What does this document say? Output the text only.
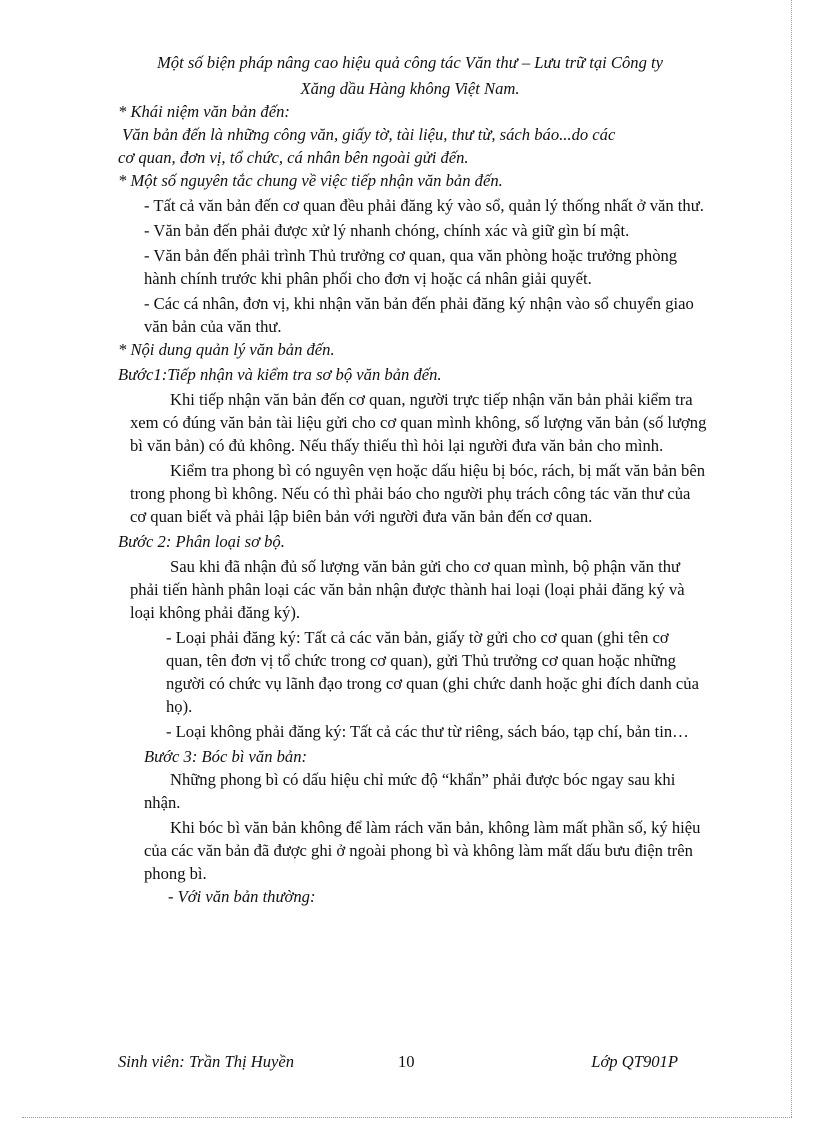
Một số biện pháp nâng cao hiệu quả công tác Văn thư – Lưu trữ tại Công ty
Xăng dầu Hàng không Việt Nam.

* Khái niệm văn bản đến:

Văn bản đến là những công văn, giấy tờ, tài liệu, thư từ, sách báo...do các

cơ quan, đơn vị, tổ chức, cá nhân bên ngoài gửi đến.

* Một số nguyên tắc chung về việc tiếp nhận văn bản đến.

- Tất cả văn bản đến cơ quan đều phải đăng ký vào sổ, quản lý thống nhất ở văn thư.

- Văn bản đến phải được xử lý nhanh chóng, chính xác và giữ gìn bí mật.

- Văn bản đến phải trình Thủ trưởng cơ quan, qua văn phòng hoặc trưởng phòng hành chính trước khi phân phối cho đơn vị hoặc cá nhân giải quyết.

- Các cá nhân, đơn vị, khi nhận văn bản đến phải đăng ký nhận vào sổ chuyển giao văn bản của văn thư.

* Nội dung quản lý văn bản đến.

Bước1:Tiếp nhận và kiểm tra sơ bộ văn bản đến.

Khi tiếp nhận văn bản đến cơ quan, người trực tiếp nhận văn bản phải kiểm tra xem có đúng văn bản tài liệu gửi cho cơ quan mình không, số lượng văn bản (số lượng bì văn bản) có đủ không. Nếu thấy thiếu thì hỏi lại người đưa văn bản cho mình.

Kiểm tra phong bì có nguyên vẹn hoặc dấu hiệu bị bóc, rách, bị mất văn bản bên trong phong bì không. Nếu có thì phải báo cho người phụ trách công tác văn thư của cơ quan biết và phải lập biên bản với người đưa văn bản đến cơ quan.

Bước 2: Phân loại sơ bộ.

Sau khi đã nhận đủ số lượng văn bản gửi cho cơ quan mình, bộ phận văn thư phải tiến hành phân loại các văn bản nhận được thành hai loại (loại phải đăng ký và loại không phải đăng ký).

- Loại phải đăng ký: Tất cả các văn bản, giấy tờ gửi cho cơ quan (ghi tên cơ quan, tên đơn vị tổ chức trong cơ quan), gửi Thủ trưởng cơ quan hoặc những người có chức vụ lãnh đạo trong cơ quan (ghi chức danh hoặc ghi đích danh của họ).

- Loại không phải đăng ký: Tất cả các thư từ riêng, sách báo, tạp chí, bản tin…

Bước 3: Bóc bì văn bản:

Những phong bì có dấu hiệu chỉ mức độ “khẩn” phải được bóc ngay sau khi nhận.

Khi bóc bì văn bản không để làm rách văn bản, không làm mất phần số, ký hiệu của các văn bản đã được ghi ở ngoài phong bì và không làm mất dấu bưu điện trên phong bì.

- Với văn bản thường:

Sinh viên: Trần Thị Huyền	10	Lớp QT901P
